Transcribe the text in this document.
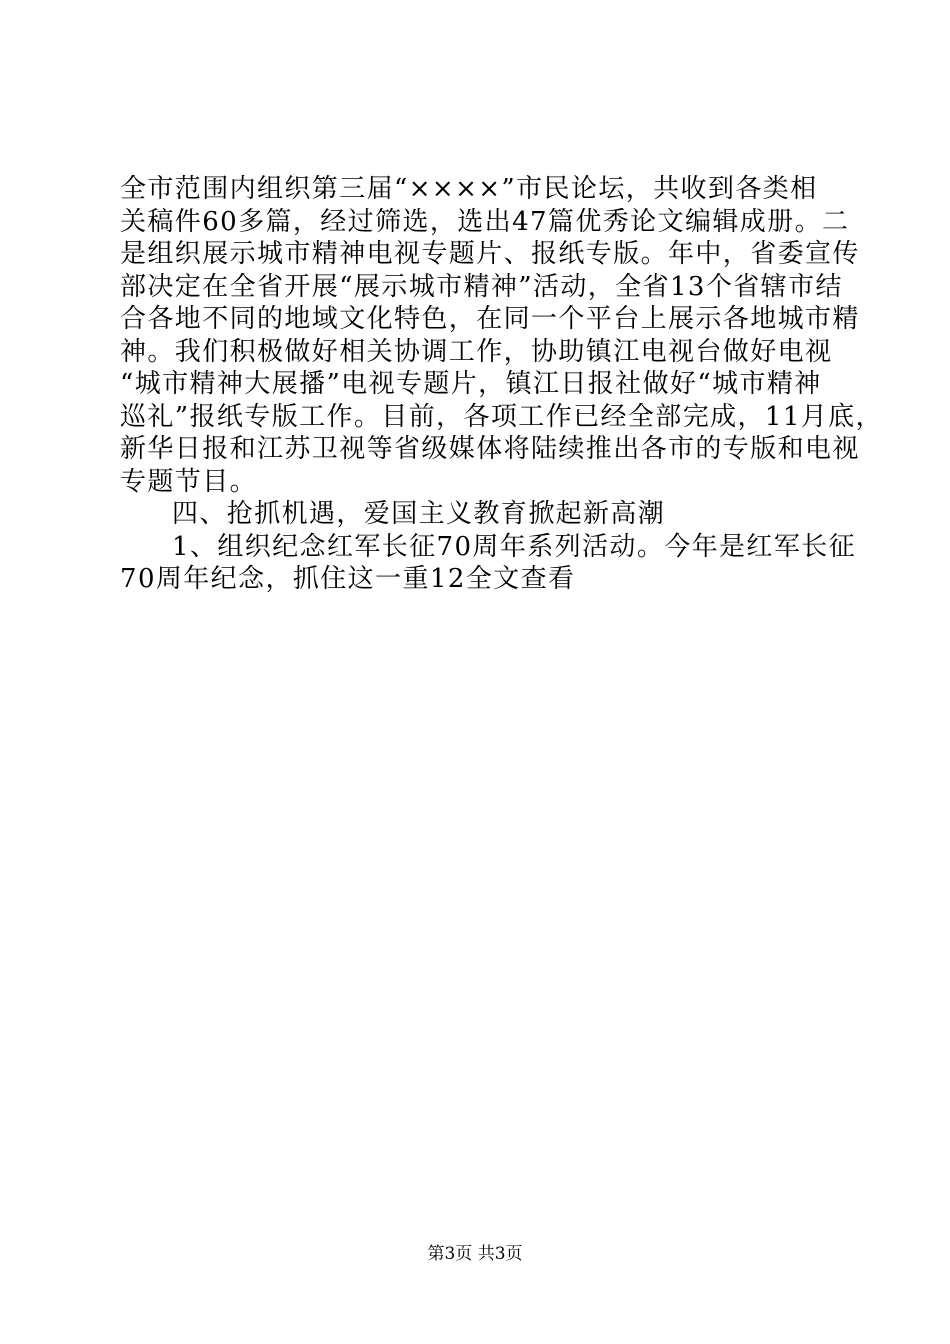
全市范围内组织第三届“××××”市民论坛，共收到各类相

关稿件60多篇，经过筛选，选出47篇优秀论文编辑成册。二

是组织展示城市精神电视专题片、报纸专版。年中，省委宣传

部决定在全省开展“展示城市精神”活动，全省13个省辖市结

合各地不同的地域文化特色，在同一个平台上展示各地城市精

神。我们积极做好相关协调工作，协助镇江电视台做好电视

“城市精神大展播”电视专题片，镇江日报社做好“城市精神

巡礼”报纸专版工作。目前，各项工作已经全部完成，11月底，

新华日报和江苏卫视等省级媒体将陆续推出各市的专版和电视

专题节目。

四、抢抓机遇，爱国主义教育掀起新高潮

1、组织纪念红军长征70周年系列活动。今年是红军长征

70周年纪念，抓住这一重12全文查看

第3页 共3页
